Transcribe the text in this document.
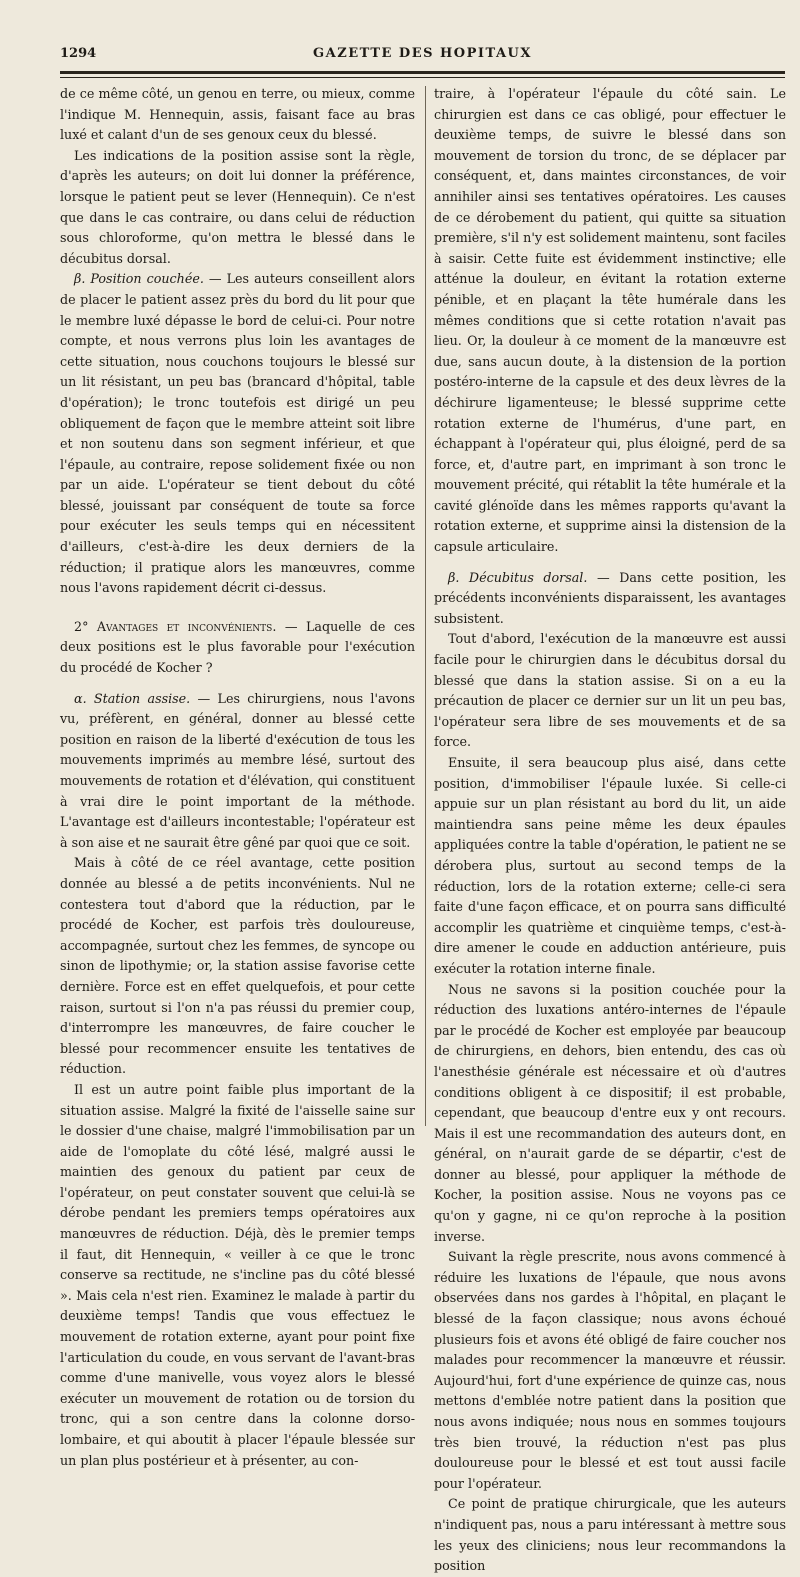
1294	GAZETTE DES HOPITAUX

de ce même côté, un genou en terre, ou mieux, comme l'indique M. Hennequin, assis, faisant face au bras luxé et calant d'un de ses genoux ceux du blessé.

Les indications de la position assise sont la règle, d'après les auteurs; on doit lui donner la préférence, lorsque le patient peut se lever (Hennequin). Ce n'est que dans le cas contraire, ou dans celui de réduction sous chloroforme, qu'on mettra le blessé dans le décubitus dorsal.

β. Position couchée. — Les auteurs conseillent alors de placer le patient assez près du bord du lit pour que le membre luxé dépasse le bord de celui-ci. Pour notre compte, et nous verrons plus loin les avantages de cette situation, nous couchons toujours le blessé sur un lit résistant, un peu bas (brancard d'hôpital, table d'opération); le tronc toutefois est dirigé un peu obliquement de façon que le membre atteint soit libre et non soutenu dans son segment inférieur, et que l'épaule, au contraire, repose solidement fixée ou non par un aide. L'opérateur se tient debout du côté blessé, jouissant par conséquent de toute sa force pour exécuter les seuls temps qui en nécessitent d'ailleurs, c'est-à-dire les deux derniers de la réduction; il pratique alors les manœuvres, comme nous l'avons rapidement décrit ci-dessus.

2° Avantages et inconvénients. — Laquelle de ces deux positions est le plus favorable pour l'exécution du procédé de Kocher ?

α. Station assise. — Les chirurgiens, nous l'avons vu, préfèrent, en général, donner au blessé cette position en raison de la liberté d'exécution de tous les mouvements imprimés au membre lésé, surtout des mouvements de rotation et d'élévation, qui constituent à vrai dire le point important de la méthode. L'avantage est d'ailleurs incontestable; l'opérateur est à son aise et ne saurait être gêné par quoi que ce soit.

Mais à côté de ce réel avantage, cette position donnée au blessé a de petits inconvénients. Nul ne contestera tout d'abord que la réduction, par le procédé de Kocher, est parfois très douloureuse, accompagnée, surtout chez les femmes, de syncope ou sinon de lipothymie; or, la station assise favorise cette dernière. Force est en effet quelquefois, et pour cette raison, surtout si l'on n'a pas réussi du premier coup, d'interrompre les manœuvres, de faire coucher le blessé pour recommencer ensuite les tentatives de réduction.

Il est un autre point faible plus important de la situation assise. Malgré la fixité de l'aisselle saine sur le dossier d'une chaise, malgré l'immobilisation par un aide de l'omoplate du côté lésé, malgré aussi le maintien des genoux du patient par ceux de l'opérateur, on peut constater souvent que celui-là se dérobe pendant les premiers temps opératoires aux manœuvres de réduction. Déjà, dès le premier temps il faut, dit Hennequin, « veiller à ce que le tronc conserve sa rectitude, ne s'incline pas du côté blessé ». Mais cela n'est rien. Examinez le malade à partir du deuxième temps! Tandis que vous effectuez le mouvement de rotation externe, ayant pour point fixe l'articulation du coude, en vous servant de l'avant-bras comme d'une manivelle, vous voyez alors le blessé exécuter un mouvement de rotation ou de torsion du tronc, qui a son centre dans la colonne dorso-lombaire, et qui aboutit à placer l'épaule blessée sur un plan plus postérieur et à présenter, au con-

traire, à l'opérateur l'épaule du côté sain. Le chirurgien est dans ce cas obligé, pour effectuer le deuxième temps, de suivre le blessé dans son mouvement de torsion du tronc, de se déplacer par conséquent, et, dans maintes circonstances, de voir annihiler ainsi ses tentatives opératoires. Les causes de ce dérobement du patient, qui quitte sa situation première, s'il n'y est solidement maintenu, sont faciles à saisir. Cette fuite est évidemment instinctive; elle atténue la douleur, en évitant la rotation externe pénible, et en plaçant la tête humérale dans les mêmes conditions que si cette rotation n'avait pas lieu. Or, la douleur à ce moment de la manœuvre est due, sans aucun doute, à la distension de la portion postéro-interne de la capsule et des deux lèvres de la déchirure ligamenteuse; le blessé supprime cette rotation externe de l'humérus, d'une part, en échappant à l'opérateur qui, plus éloigné, perd de sa force, et, d'autre part, en imprimant à son tronc le mouvement précité, qui rétablit la tête humérale et la cavité glénoïde dans les mêmes rapports qu'avant la rotation externe, et supprime ainsi la distension de la capsule articulaire.

β. Décubitus dorsal. — Dans cette position, les précédents inconvénients disparaissent, les avantages subsistent.

Tout d'abord, l'exécution de la manœuvre est aussi facile pour le chirurgien dans le décubitus dorsal du blessé que dans la station assise. Si on a eu la précaution de placer ce dernier sur un lit un peu bas, l'opérateur sera libre de ses mouvements et de sa force.

Ensuite, il sera beaucoup plus aisé, dans cette position, d'immobiliser l'épaule luxée. Si celle-ci appuie sur un plan résistant au bord du lit, un aide maintiendra sans peine même les deux épaules appliquées contre la table d'opération, le patient ne se dérobera plus, surtout au second temps de la réduction, lors de la rotation externe; celle-ci sera faite d'une façon efficace, et on pourra sans difficulté accomplir les quatrième et cinquième temps, c'est-à-dire amener le coude en adduction antérieure, puis exécuter la rotation interne finale.

Nous ne savons si la position couchée pour la réduction des luxations antéro-internes de l'épaule par le procédé de Kocher est employée par beaucoup de chirurgiens, en dehors, bien entendu, des cas où l'anesthésie générale est nécessaire et où d'autres conditions obligent à ce dispositif; il est probable, cependant, que beaucoup d'entre eux y ont recours. Mais il est une recommandation des auteurs dont, en général, on n'aurait garde de se départir, c'est de donner au blessé, pour appliquer la méthode de Kocher, la position assise. Nous ne voyons pas ce qu'on y gagne, ni ce qu'on reproche à la position inverse.

Suivant la règle prescrite, nous avons commencé à réduire les luxations de l'épaule, que nous avons observées dans nos gardes à l'hôpital, en plaçant le blessé de la façon classique; nous avons échoué plusieurs fois et avons été obligé de faire coucher nos malades pour recommencer la manœuvre et réussir. Aujourd'hui, fort d'une expérience de quinze cas, nous mettons d'emblée notre patient dans la position que nous avons indiquée; nous nous en sommes toujours très bien trouvé, la réduction n'est pas plus douloureuse pour le blessé et est tout aussi facile pour l'opérateur.

Ce point de pratique chirurgicale, que les auteurs n'indiquent pas, nous a paru intéressant à mettre sous les yeux des cliniciens; nous leur recommandons la position
